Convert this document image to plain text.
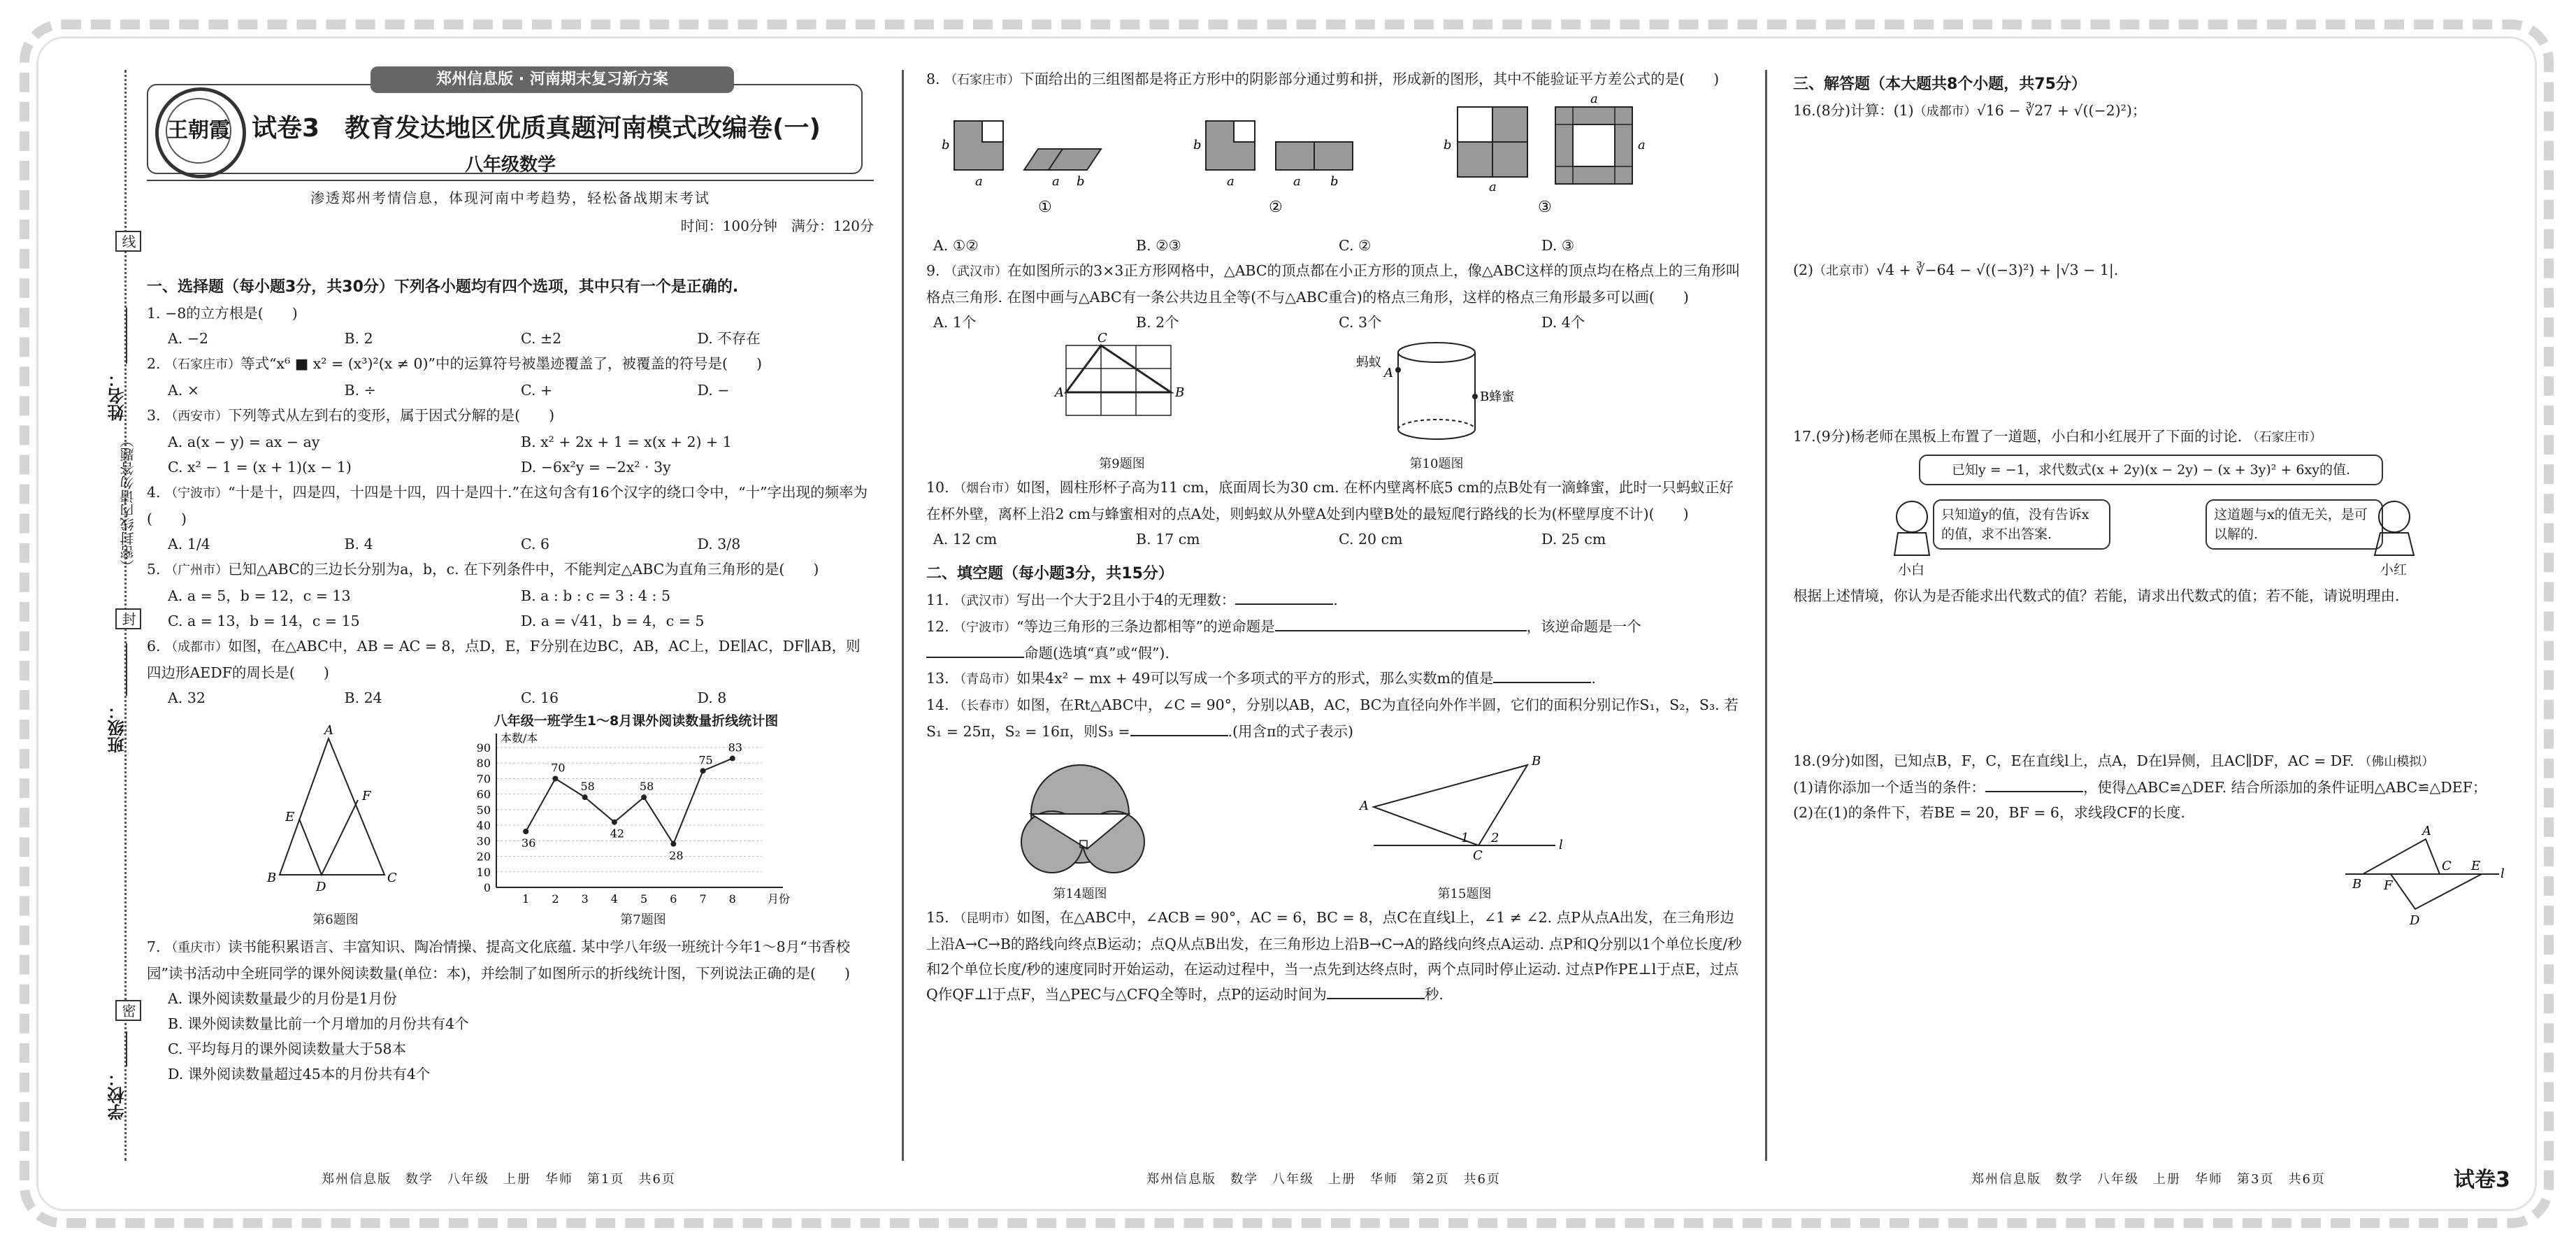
线
姓名：
（密封线内请勿答题）
封
班级：
密
学校：
郑州信息版 · 河南期末复习新方案
王朝霞 试卷3　教育发达地区优质真题河南模式改编卷(一)
八年级数学
渗透郑州考情信息，体现河南中考趋势，轻松备战期末考试
时间：100分钟　满分：120分
一、选择题（每小题3分，共30分）下列各小题均有四个选项，其中只有一个是正确的.
1. −8的立方根是(　　)
A. −2	B. 2	C. ±2	D. 不存在
2. （石家庄市）等式“x⁶ ■ x² = (x³)²(x ≠ 0)”中的运算符号被墨迹覆盖了，被覆盖的符号是(　　)
A. ×	B. ÷	C. +	D. −
3. （西安市）下列等式从左到右的变形，属于因式分解的是(　　)
A. a(x − y) = ax − ay	B. x² + 2x + 1 = x(x + 2) + 1
C. x² − 1 = (x + 1)(x − 1)	D. −6x²y = −2x² · 3y
4. （宁波市）“十是十，四是四，十四是十四，四十是四十.”在这句含有16个汉字的绕口令中，“十”字出现的频率为(　　)
A. 1/4	B. 4	C. 6	D. 3/8
5. （广州市）已知△ABC的三边长分别为a，b，c. 在下列条件中，不能判定△ABC为直角三角形的是(　　)
A. a = 5，b = 12，c = 13	B. a : b : c = 3 : 4 : 5
C. a = 13，b = 14，c = 15	D. a = √41，b = 4，c = 5
6. （成都市）如图，在△ABC中，AB = AC = 8，点D，E，F分别在边BC，AB，AC上，DE∥AC，DF∥AB，则四边形AEDF的周长是(　　)
A. 32	B. 24	C. 16	D. 8
A
E
F
B
D
C
第6题图
八年级一班学生1～8月课外阅读数量折线统计图
0
10
20
30
40
50
60
70
80
90
本数/本
月份
1 2 3 4 5 6 7 8
36
70
58
42
58
28
75
83
第7题图
7. （重庆市）读书能积累语言、丰富知识、陶冶情操、提高文化底蕴. 某中学八年级一班统计今年1～8月“书香校园”读书活动中全班同学的课外阅读数量(单位：本)，并绘制了如图所示的折线统计图，下列说法正确的是(　　)
A. 课外阅读数量最少的月份是1月份
B. 课外阅读数量比前一个月增加的月份共有4个
C. 平均每月的课外阅读数量大于58本
D. 课外阅读数量超过45本的月份共有4个
8. （石家庄市）下面给出的三组图都是将正方形中的阴影部分通过剪和拼，形成新的图形，其中不能验证平方差公式的是(　　)
b
a	a b
b
a	a b
b
a
a
a
①	②	③
A. ①②	B. ②③	C. ②	D. ③
9. （武汉市）在如图所示的3×3正方形网格中，△ABC的顶点都在小正方形的顶点上，像△ABC这样的顶点均在格点上的三角形叫格点三角形. 在图中画与△ABC有一条公共边且全等(不与△ABC重合)的格点三角形，这样的格点三角形最多可以画(　　)
A. 1个	B. 2个	C. 3个	D. 4个
C
A	B
蚂蚁
A
B蜂蜜
第9题图	第10题图
10. （烟台市）如图，圆柱形杯子高为11 cm，底面周长为30 cm. 在杯内壁离杯底5 cm的点B处有一滴蜂蜜，此时一只蚂蚁正好在杯外壁，离杯上沿2 cm与蜂蜜相对的点A处，则蚂蚁从外壁A处到内壁B处的最短爬行路线的长为(杯壁厚度不计)(　　)
A. 12 cm	B. 17 cm	C. 20 cm	D. 25 cm
二、填空题（每小题3分，共15分）
11. （武汉市）写出一个大于2且小于4的无理数：	.
12. （宁波市）“等边三角形的三条边都相等”的逆命题是	，该逆命题是一个
命题(选填“真”或“假”).
13. （青岛市）如果4x² − mx + 49可以写成一个多项式的平方的形式，那么实数m的值是	.
14. （长春市）如图，在Rt△ABC中，∠C = 90°，分别以AB，AC，BC为直径向外作半圆，它们的面积分别记作S₁，S₂，S₃. 若S₁ = 25π，S₂ = 16π，则S₃ =	.(用含π的式子表示)
A
B
C
l
1 2
第14题图	第15题图
15. （昆明市）如图，在△ABC中，∠ACB = 90°，AC = 6，BC = 8，点C在直线l上，∠1 ≠ ∠2. 点P从点A出发，在三角形边上沿A→C→B的路线向终点B运动；点Q从点B出发，在三角形边上沿B→C→A的路线向终点A运动. 点P和Q分别以1个单位长度/秒和2个单位长度/秒的速度同时开始运动，在运动过程中，当一点先到达终点时，两个点同时停止运动. 过点P作PE⊥l于点E，过点Q作QF⊥l于点F，当△PEC与△CFQ全等时，点P的运动时间为	秒.
三、解答题（本大题共8个小题，共75分）
16.(8分)计算：(1)（成都市）√16 − ∛27 + √((−2)²)；
(2)（北京市）√4 + ∛−64 − √((−3)²) + |√3 − 1|.
17.(9分)杨老师在黑板上布置了一道题，小白和小红展开了下面的讨论. （石家庄市）
已知y = −1，求代数式(x + 2y)(x − 2y) − (x + 3y)² + 6xy的值.
只知道y的值，没有告诉x的值，求不出答案.
这道题与x的值无关，是可以解的.
小白	小红
根据上述情境，你认为是否能求出代数式的值？若能，请求出代数式的值；若不能，请说明理由.
18.(9分)如图，已知点B，F，C，E在直线l上，点A，D在l异侧，且AC∥DF，AC = DF. （佛山模拟）
(1)请你添加一个适当的条件：	，使得△ABC≌△DEF. 结合所添加的条件证明△ABC≌△DEF；
(2)在(1)的条件下，若BE = 20，BF = 6，求线段CF的长度.
A
B F
C E
D
l
郑州信息版　数学　八年级　上册　华师　第1页　共6页	郑州信息版　数学　八年级　上册　华师　第2页　共6页	郑州信息版　数学　八年级　上册　华师　第3页　共6页	试卷3
